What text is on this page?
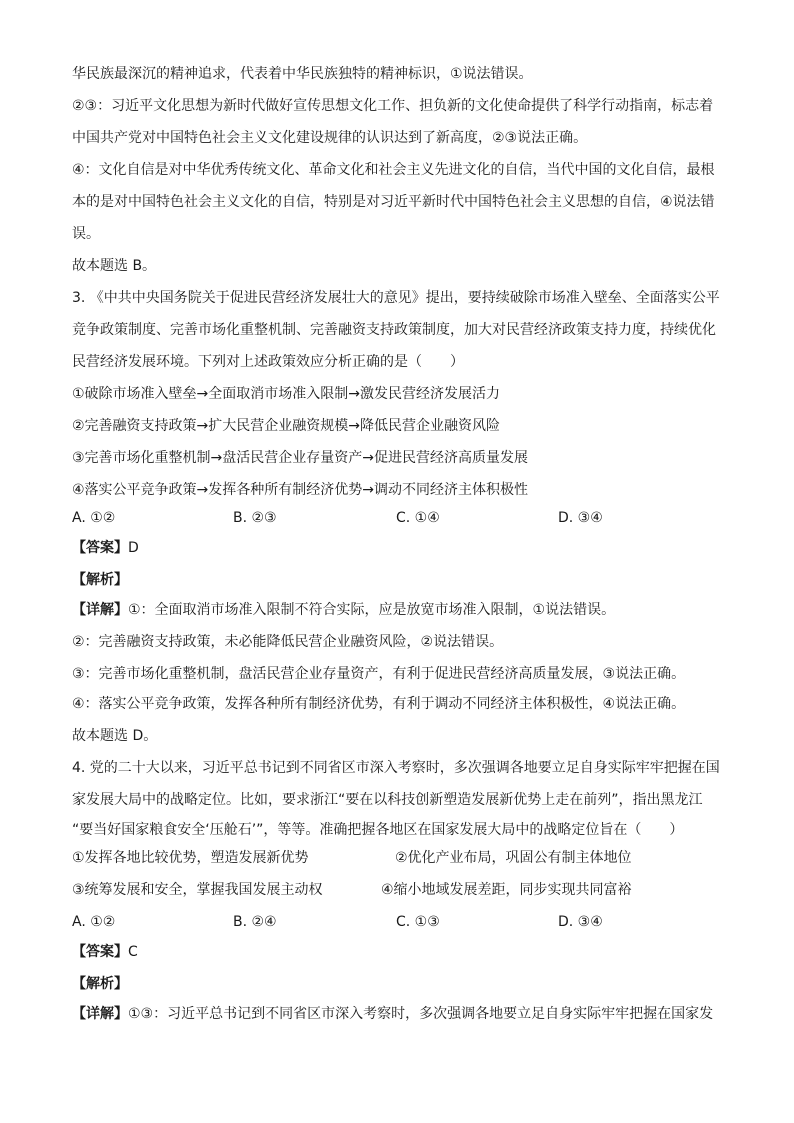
华民族最深沉的精神追求，代表着中华民族独特的精神标识，①说法错误。
②③：习近平文化思想为新时代做好宣传思想文化工作、担负新的文化使命提供了科学行动指南，标志着
中国共产党对中国特色社会主义文化建设规律的认识达到了新高度，②③说法正确。
④：文化自信是对中华优秀传统文化、革命文化和社会主义先进文化的自信，当代中国的文化自信，最根
本的是对中国特色社会主义文化的自信，特别是对习近平新时代中国特色社会主义思想的自信，④说法错
误。
故本题选 B。
3. 《中共中央国务院关于促进民营经济发展壮大的意见》提出，要持续破除市场准入壁垒、全面落实公平
竞争政策制度、完善市场化重整机制、完善融资支持政策制度，加大对民营经济政策支持力度，持续优化
民营经济发展环境。下列对上述政策效应分析正确的是（　　）
①破除市场准入壁垒→全面取消市场准入限制→激发民营经济发展活力
②完善融资支持政策→扩大民营企业融资规模→降低民营企业融资风险
③完善市场化重整机制→盘活民营企业存量资产→促进民营经济高质量发展
④落实公平竞争政策→发挥各种所有制经济优势→调动不同经济主体积极性
A. ①②	B. ②③	C. ①④	D. ③④
【答案】D
【解析】
【详解】①：全面取消市场准入限制不符合实际，应是放宽市场准入限制，①说法错误。
②：完善融资支持政策，未必能降低民营企业融资风险，②说法错误。
③：完善市场化重整机制，盘活民营企业存量资产，有利于促进民营经济高质量发展，③说法正确。
④：落实公平竞争政策，发挥各种所有制经济优势，有利于调动不同经济主体积极性，④说法正确。
故本题选 D。
4. 党的二十大以来，习近平总书记到不同省区市深入考察时，多次强调各地要立足自身实际牢牢把握在国
家发展大局中的战略定位。比如，要求浙江“要在以科技创新塑造发展新优势上走在前列”，指出黑龙江
“要当好国家粮食安全‘压舱石’”，等等。准确把握各地区在国家发展大局中的战略定位旨在（　　）
①发挥各地比较优势，塑造发展新优势	②优化产业布局，巩固公有制主体地位
③统筹发展和安全，掌握我国发展主动权	④缩小地域发展差距，同步实现共同富裕
A. ①②	B. ②④	C. ①③	D. ③④
【答案】C
【解析】
【详解】①③：习近平总书记到不同省区市深入考察时，多次强调各地要立足自身实际牢牢把握在国家发
